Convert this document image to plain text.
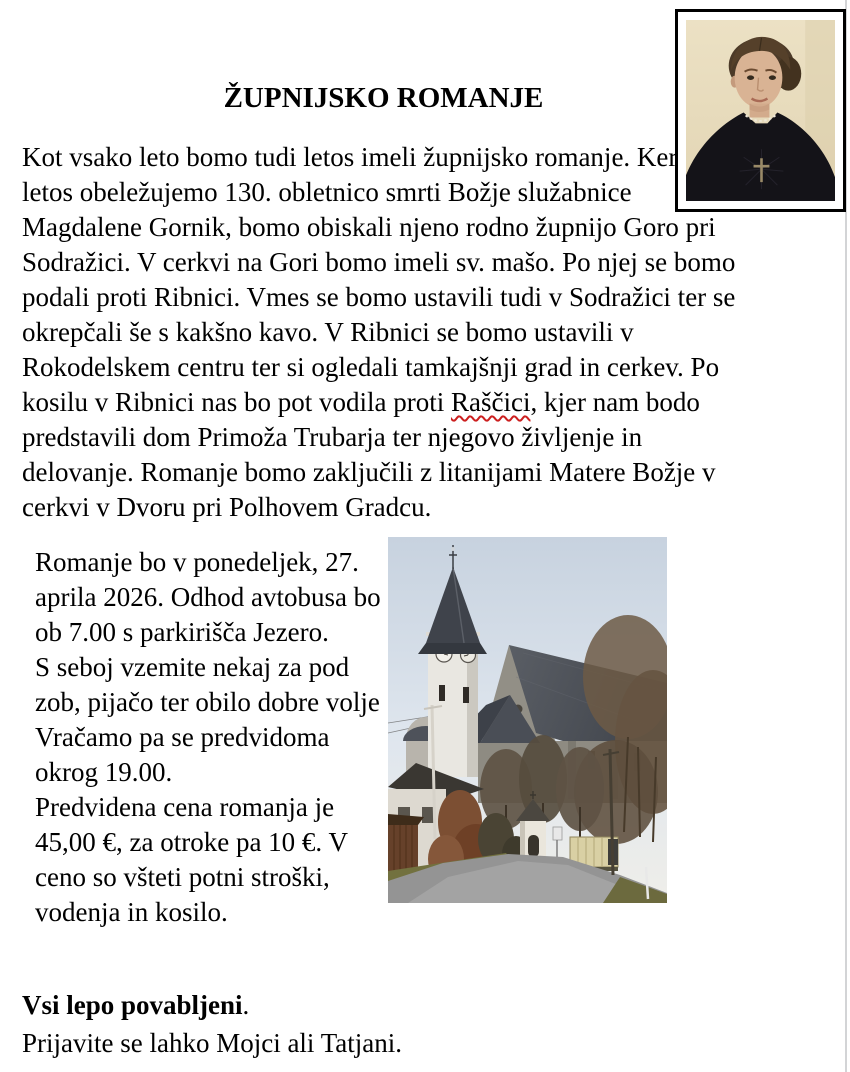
ŽUPNIJSKO ROMANJE

Kot vsako leto bomo tudi letos imeli župnijsko romanje. Ker letos obeležujemo 130. obletnico smrti Božje služabnice Magdalene Gornik, bomo obiskali njeno rodno župnijo Goro pri Sodražici. V cerkvi na Gori bomo imeli sv. mašo. Po njej se bomo podali proti Ribnici. Vmes se bomo ustavili tudi v Sodražici ter se okrepčali še s kakšno kavo. V Ribnici se bomo ustavili v Rokodelskem centru ter si ogledali tamkajšnji grad in cerkev. Po kosilu v Ribnici nas bo pot vodila proti Raščici, kjer nam bodo predstavili dom Primoža Trubarja ter njegovo življenje in delovanje. Romanje bomo zaključili z litanijami Matere Božje v cerkvi v Dvoru pri Polhovem Gradcu.

Romanje bo v ponedeljek, 27. aprila 2026. Odhod avtobusa bo ob 7.00 s parkirišča Jezero.

S seboj vzemite nekaj za pod zob, pijačo ter obilo dobre volje

Vračamo pa se predvidoma okrog 19.00.

Predvidena cena romanja je 45,00 €, za otroke pa 10 €. V ceno so všteti potni stroški, vodenja in kosilo.

Vsi lepo povabljeni.

Prijavite se lahko Mojci ali Tatjani.
